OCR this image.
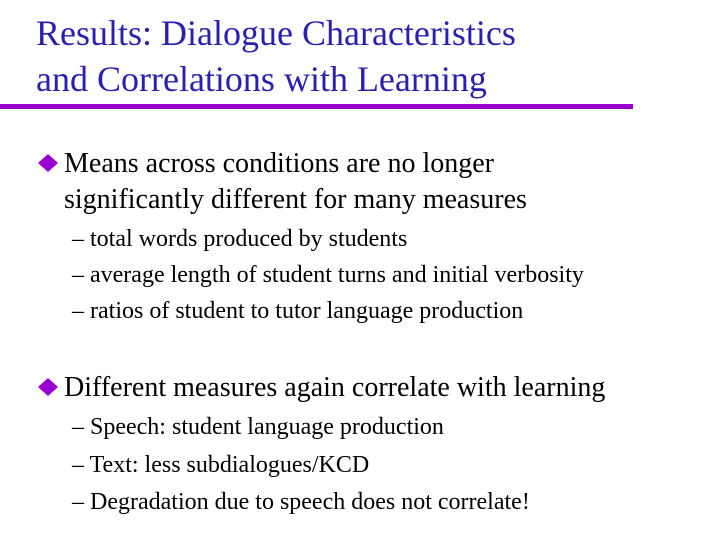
Results: Dialogue Characteristics
and Correlations with Learning
Means across conditions are no longer
significantly different for many measures
– total words produced by students
– average length of student turns and initial verbosity
– ratios of student to tutor language production
Different measures again correlate with learning
– Speech: student language production
– Text: less subdialogues/KCD
– Degradation due to speech does not correlate!
